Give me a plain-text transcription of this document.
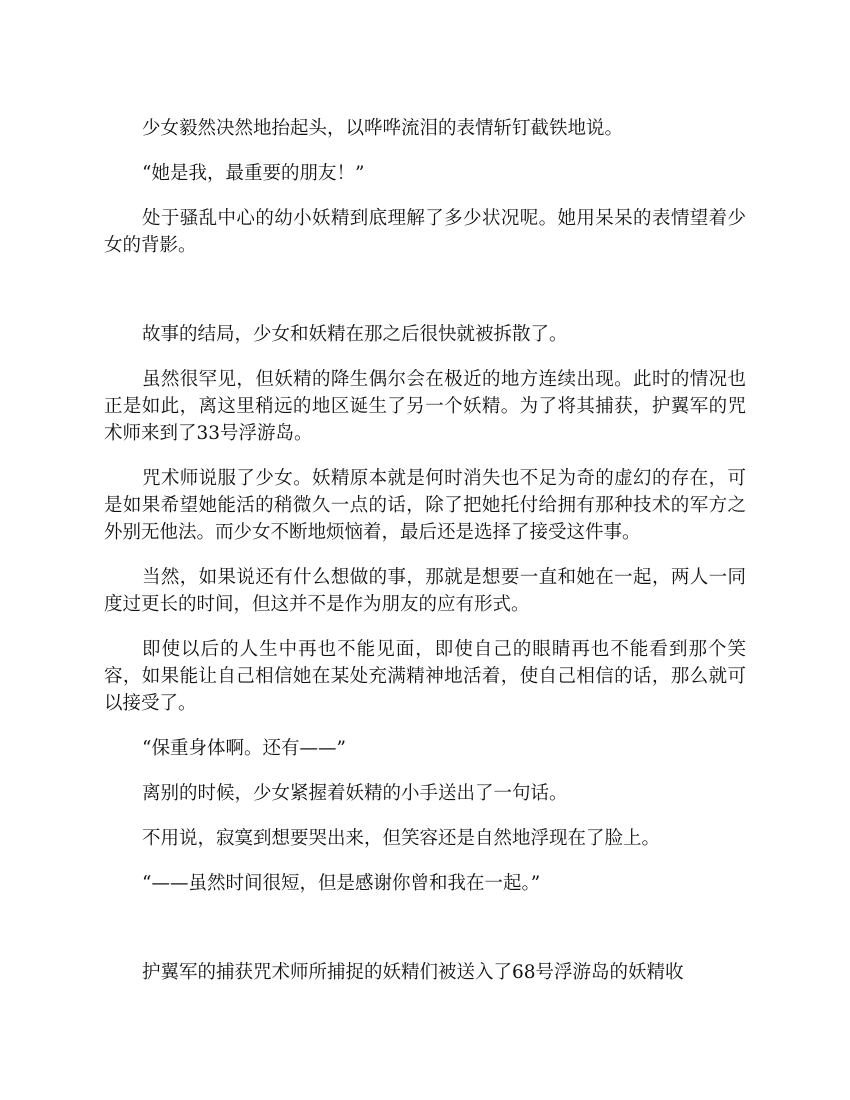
少女毅然决然地抬起头，以哗哗流泪的表情斩钉截铁地说。

“她是我，最重要的朋友！”

处于骚乱中心的幼小妖精到底理解了多少状况呢。她用呆呆的表情望着少女的背影。

故事的结局，少女和妖精在那之后很快就被拆散了。

虽然很罕见，但妖精的降生偶尔会在极近的地方连续出现。此时的情况也正是如此，离这里稍远的地区诞生了另一个妖精。为了将其捕获，护翼军的咒术师来到了33号浮游岛。

咒术师说服了少女。妖精原本就是何时消失也不足为奇的虚幻的存在，可是如果希望她能活的稍微久一点的话，除了把她托付给拥有那种技术的军方之外别无他法。而少女不断地烦恼着，最后还是选择了接受这件事。

当然，如果说还有什么想做的事，那就是想要一直和她在一起，两人一同度过更长的时间，但这并不是作为朋友的应有形式。

即使以后的人生中再也不能见面，即使自己的眼睛再也不能看到那个笑容，如果能让自己相信她在某处充满精神地活着，使自己相信的话，那么就可以接受了。

“保重身体啊。还有——”

离别的时候，少女紧握着妖精的小手送出了一句话。

不用说，寂寞到想要哭出来，但笑容还是自然地浮现在了脸上。

“——虽然时间很短，但是感谢你曾和我在一起。”

护翼军的捕获咒术师所捕捉的妖精们被送入了68号浮游岛的妖精收
